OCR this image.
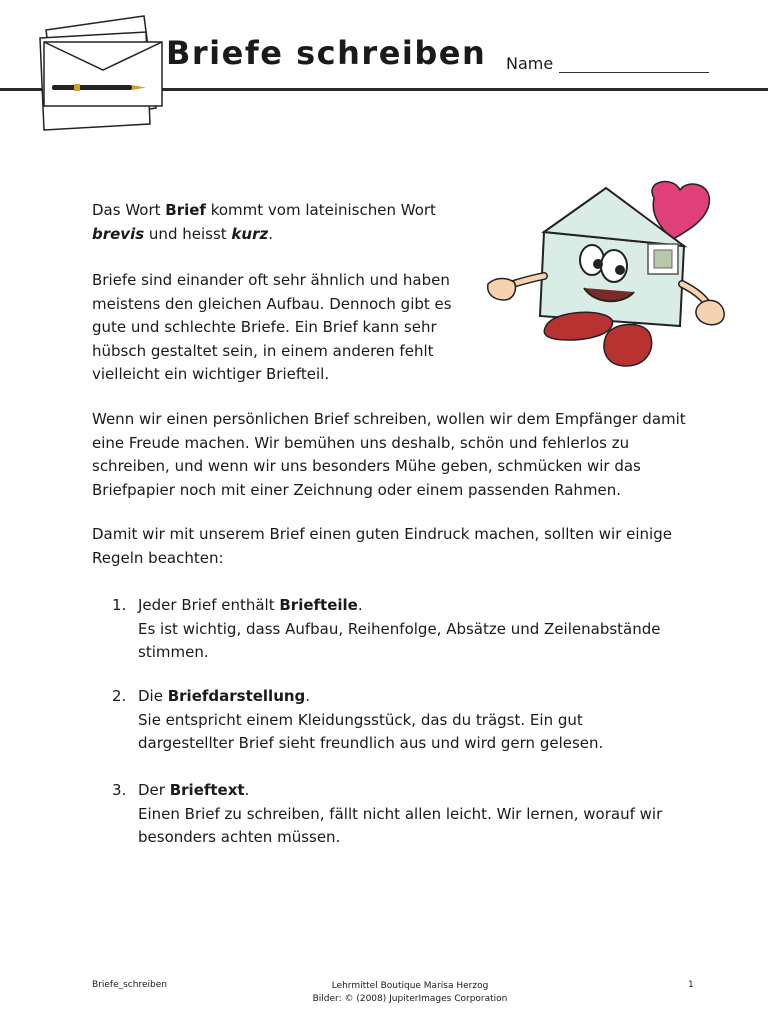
Briefe schreiben Name

Das Wort Brief kommt vom lateinischen Wort
brevis und heisst kurz.

Briefe sind einander oft sehr ähnlich und haben meistens den gleichen Aufbau. Dennoch gibt es gute und schlechte Briefe. Ein Brief kann sehr hübsch gestaltet sein, in einem anderen fehlt vielleicht ein wichtiger Briefteil.

Wenn wir einen persönlichen Brief schreiben, wollen wir dem Empfänger damit eine Freude machen. Wir bemühen uns deshalb, schön und fehlerlos zu schreiben, und wenn wir uns besonders Mühe geben, schmücken wir das Briefpapier noch mit einer Zeichnung oder einem passenden Rahmen.

Damit wir mit unserem Brief einen guten Eindruck machen, sollten wir einige Regeln beachten:

1. Jeder Brief enthält Briefteile.
Es ist wichtig, dass Aufbau, Reihenfolge, Absätze und Zeilenabstände stimmen.
2. Die Briefdarstellung.
Sie entspricht einem Kleidungsstück, das du trägst. Ein gut dargestellter Brief sieht freundlich aus und wird gern gelesen.
3. Der Brieftext.
Einen Brief zu schreiben, fällt nicht allen leicht. Wir lernen, worauf wir besonders achten müssen.
Briefe_schreiben	Lehrmittel Boutique Marisa Herzog
Bilder: © (2008) JupiterImages Corporation
1
